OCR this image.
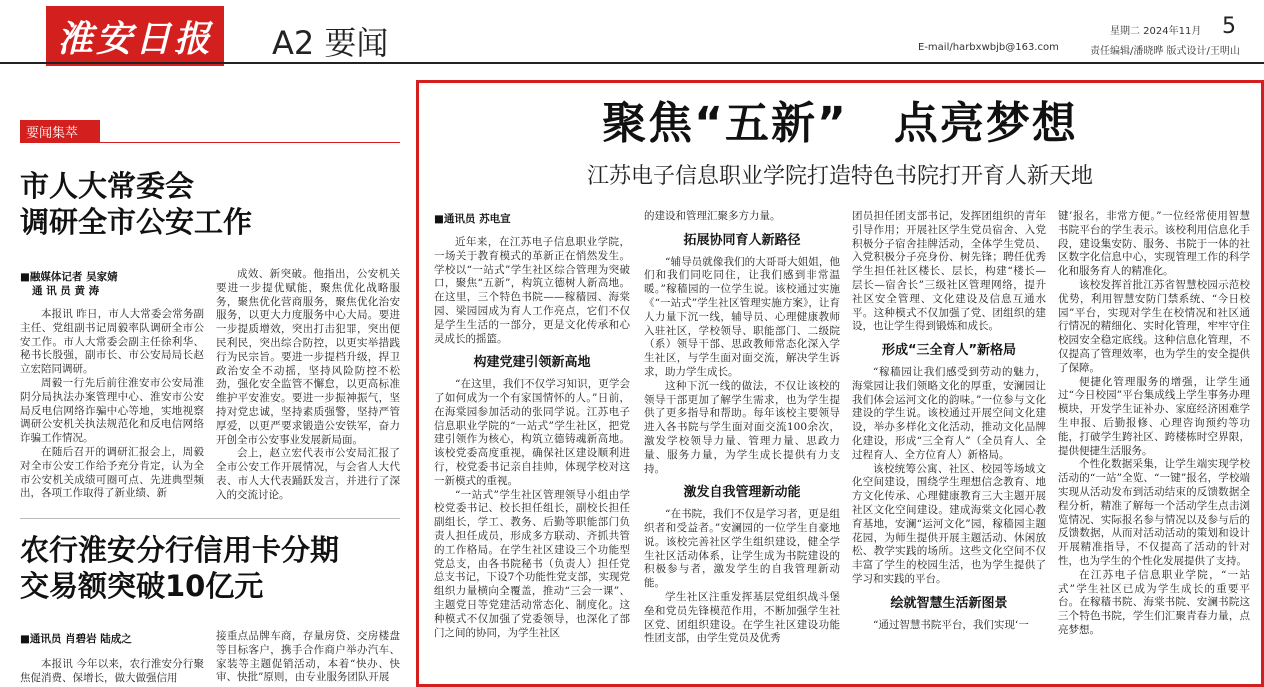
淮安日报	A2 要闻	星期二 2024年11月 5
E-mail/harbxwbjb@163.com	责任编辑/潘晓晔 版式设计/王明山
要闻集萃
市人大常委会
调研全市公安工作
■融媒体记者 吴家婧
通 讯 员 黄 涛

本报讯 昨日，市人大常委会常务副主任、党组副书记周毅率队调研全市公安工作。市人大常委会副主任徐利华、秘书长殷强，副市长、市公安局局长赵立宏陪同调研。

周毅一行先后前往淮安市公安局淮阴分局执法办案管理中心、淮安市公安局反电信网络诈骗中心等地，实地视察调研公安机关执法规范化和反电信网络诈骗工作情况。

在随后召开的调研汇报会上，周毅对全市公安工作给予充分肯定，认为全市公安机关成绩可圈可点、先进典型频出，各项工作取得了新业绩、新

成效、新突破。他指出，公安机关要进一步提优赋能，聚焦优化战略服务，聚焦优化营商服务，聚焦优化治安服务，以更大力度服务中心大局。要进一步提质增效，突出打击犯罪，突出便民利民，突出综合防控，以更实举措践行为民宗旨。要进一步提档升级，捍卫政治安全不动摇，坚持风险防控不松劲，强化安全监管不懈怠，以更高标准维护平安淮安。要进一步振神振气，坚持对党忠诚，坚持素质强警，坚持严管厚爱，以更严要求锻造公安铁军，奋力开创全市公安事业发展新局面。

会上，赵立宏代表市公安局汇报了全市公安工作开展情况，与会省人大代表、市人大代表踊跃发言，并进行了深入的交流讨论。

农行淮安分行信用卡分期
交易额突破10亿元
■通讯员 肖碧岩 陆成之

本报讯 今年以来，农行淮安分行聚焦促消费、保增长，做大做强信用

接重点品牌车商，存量房贷、交房楼盘等目标客户，携手合作商户举办汽车、家装等主题促销活动，本着“快办、快审、快批”原则，由专业服务团队开展

聚焦“五新”　点亮梦想
江苏电子信息职业学院打造特色书院打开育人新天地
■通讯员 苏电宣

近年来，在江苏电子信息职业学院，一场关于教育模式的革新正在悄然发生。学校以“一站式”学生社区综合管理为突破口，聚焦“五新”，构筑立德树人新高地。在这里，三个特色书院——稼穑园、海棠园、梁园园成为育人工作亮点，它们不仅是学生生活的一部分，更是文化传承和心灵成长的摇篮。

构建党建引领新高地

“在这里，我们不仅学习知识，更学会了如何成为一个有家国情怀的人。”日前，在海棠园参加活动的张同学说。江苏电子信息职业学院的“一站式”学生社区，把党建引领作为核心，构筑立德铸魂新高地。该校党委高度重视，确保社区建设顺利进行，校党委书记亲自挂帅，体现学校对这一新模式的重视。

“一站式”学生社区管理领导小组由学校党委书记、校长担任组长，副校长担任副组长，学工、教务、后勤等职能部门负责人担任成员，形成多方联动、齐抓共管的工作格局。在学生社区建设三个功能型党总支，由各书院秘书（负责人）担任党总支书记，下设7个功能性党支部，实现党组织力量横向全覆盖，推动“三会一课”、主题党日等党建活动常态化、制度化。这种模式不仅加强了党委领导，也深化了部门之间的协同，为学生社区

的建设和管理汇聚多方力量。

拓展协同育人新路径

“辅导员就像我们的大哥哥大姐姐，他们和我们同吃同住，让我们感到非常温暖。”稼穑园的一位学生说。该校通过实施《“一站式”学生社区管理实施方案》，让育人力量下沉一线，辅导员、心理健康教师入驻社区，学校领导、职能部门、二级院（系）领导干部、思政教师常态化深入学生社区，与学生面对面交流，解决学生诉求，助力学生成长。

这种下沉一线的做法，不仅让该校的领导干部更加了解学生需求，也为学生提供了更多指导和帮助。每年该校主要领导进入各书院与学生面对面交流100余次，激发学校领导力量、管理力量、思政力量、服务力量，为学生成长提供有力支持。

激发自我管理新动能

“在书院，我们不仅是学习者，更是组织者和受益者。”安澜园的一位学生自豪地说。该校完善社区学生组织建设，健全学生社区活动体系，让学生成为书院建设的积极参与者，激发学生的自我管理新动能。

学生社区注重发挥基层党组织战斗堡垒和党员先锋模范作用，不断加强学生社区党、团组织建设。在学生社区建设功能性团支部，由学生党员及优秀

团员担任团支部书记，发挥团组织的青年引导作用；开展社区学生党员宿舍、入党积极分子宿舍挂牌活动，全体学生党员、入党积极分子亮身份、树先锋；聘任优秀学生担任社区楼长、层长，构建“楼长—层长—宿舍长”三级社区管理网络，提升社区安全管理、文化建设及信息互通水平。这种模式不仅加强了党、团组织的建设，也让学生得到锻炼和成长。

形成“三全育人”新格局

“稼穑园让我们感受到劳动的魅力，海棠园让我们领略文化的厚重，安澜园让我们体会运河文化的韵味。”一位参与文化建设的学生说。该校通过开展空间文化建设，举办多样化文化活动，推动文化品牌化建设，形成“三全育人”（全员育人、全过程育人、全方位育人）新格局。

该校统筹公寓、社区、校园等场域文化空间建设，围绕学生理想信念教育、地方文化传承、心理健康教育三大主题开展社区文化空间建设。建成海棠文化园心教育基地，安澜“运河文化”园，稼穑园主题花园，为师生提供开展主题活动、休闲放松、教学实践的场所。这些文化空间不仅丰富了学生的校园生活，也为学生提供了学习和实践的平台。

绘就智慧生活新图景

“通过智慧书院平台，我们实现‘一

键’报名，非常方便。”一位经常使用智慧书院平台的学生表示。该校利用信息化手段，建设集安防、服务、书院于一体的社区数字化信息中心，实现管理工作的科学化和服务育人的精准化。

该校发挥首批江苏省智慧校园示范校优势，利用智慧安防门禁系统、“今日校园”平台，实现对学生在校情况和社区通行情况的精细化、实时化管理，牢牢守住校园安全稳定底线。这种信息化管理，不仅提高了管理效率，也为学生的安全提供了保障。

便捷化管理服务的增强，让学生通过“今日校园”平台集成线上学生事务办理模块，开发学生证补办、家庭经济困难学生申报、后勤报修、心理咨询预约等功能，打破学生跨社区、跨楼栋时空界限，提供便捷生活服务。

个性化数据采集，让学生端实现学校活动的“一站”全览、“一键”报名，学校端实现从活动发布到活动结束的反馈数据全程分析，精准了解每一个活动学生点击浏览情况、实际报名参与情况以及参与后的反馈数据，从而对活动活动的策划和设计开展精准指导，不仅提高了活动的针对性，也为学生的个性化发展提供了支持。

在江苏电子信息职业学院，“一站式”学生社区已成为学生成长的重要平台。在稼穑书院、海棠书院、安澜书院这三个特色书院，学生们汇聚青春力量，点亮梦想。
